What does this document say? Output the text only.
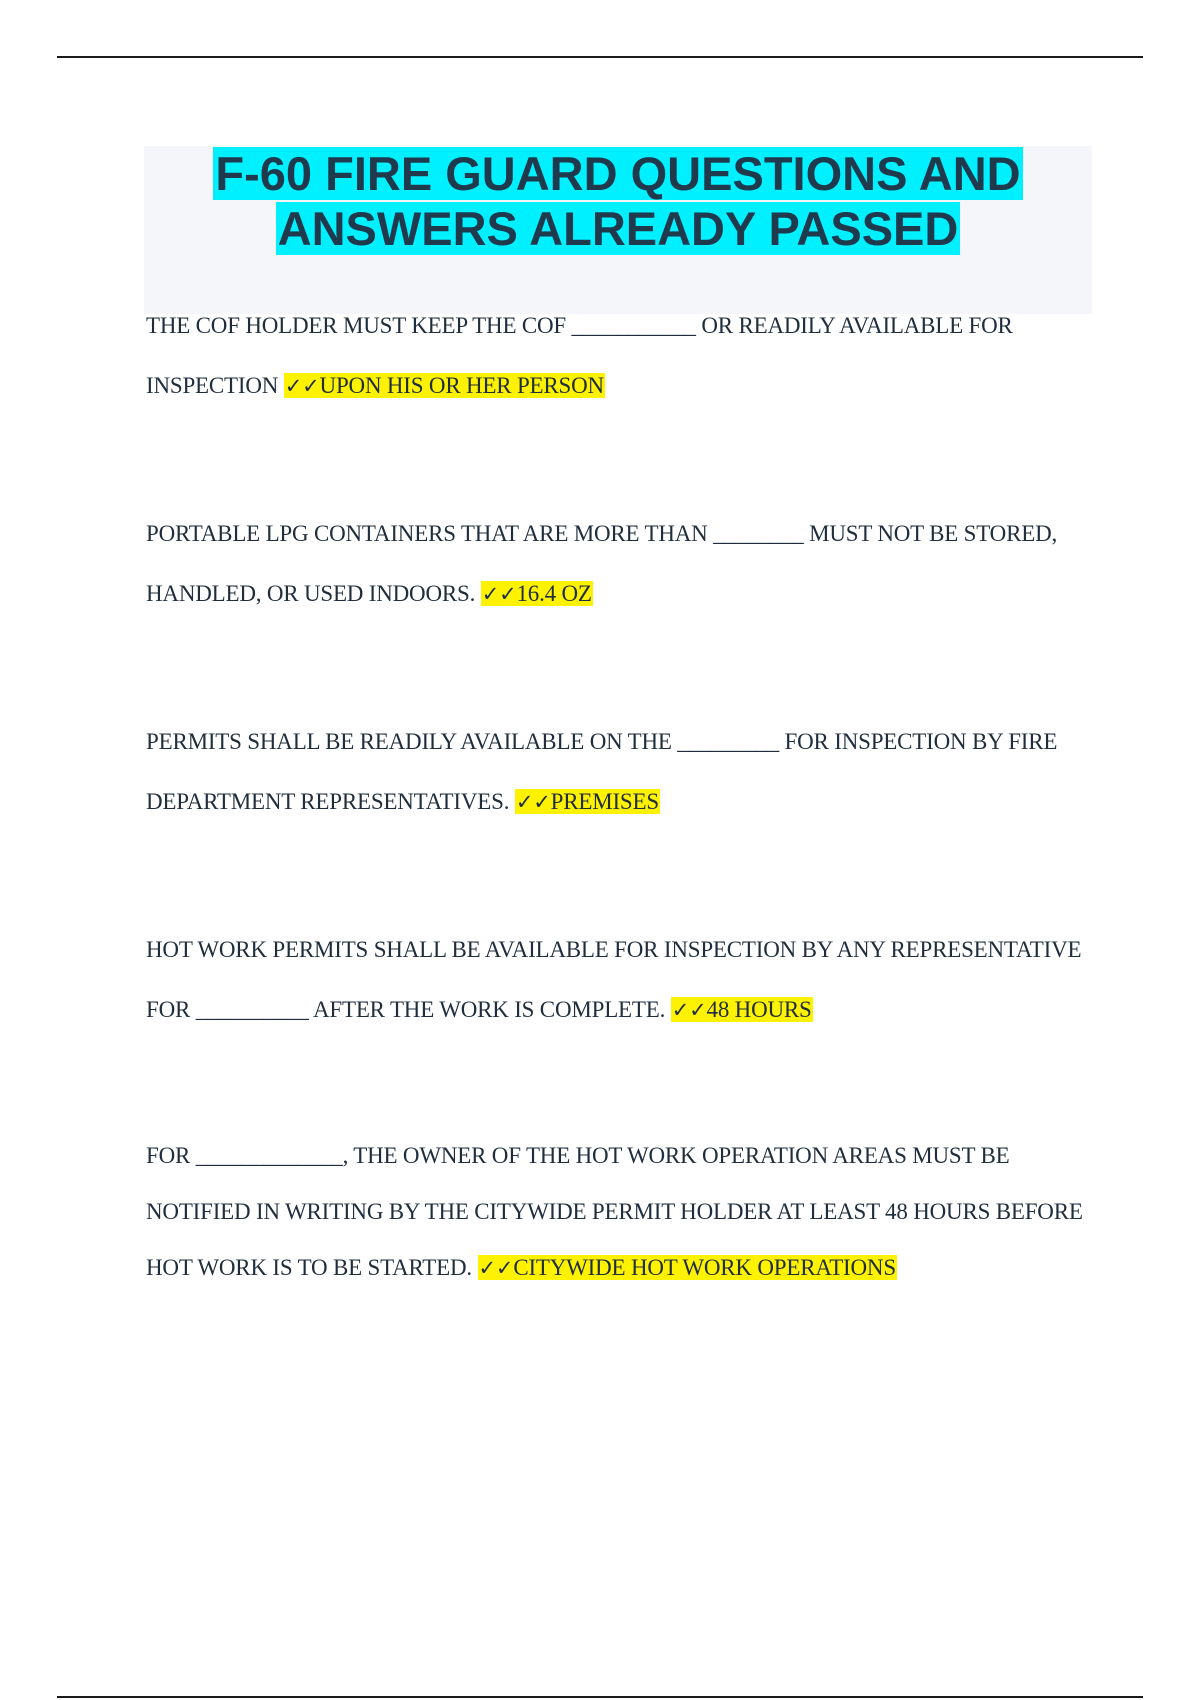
F-60 FIRE GUARD QUESTIONS AND ANSWERS ALREADY PASSED
THE COF HOLDER MUST KEEP THE COF ___________ OR READILY AVAILABLE FOR INSPECTION ✓✓UPON HIS OR HER PERSON
PORTABLE LPG CONTAINERS THAT ARE MORE THAN ________ MUST NOT BE STORED, HANDLED, OR USED INDOORS. ✓✓16.4 OZ
PERMITS SHALL BE READILY AVAILABLE ON THE _________ FOR INSPECTION BY FIRE DEPARTMENT REPRESENTATIVES. ✓✓PREMISES
HOT WORK PERMITS SHALL BE AVAILABLE FOR INSPECTION BY ANY REPRESENTATIVE FOR __________ AFTER THE WORK IS COMPLETE. ✓✓48 HOURS
FOR _____________, THE OWNER OF THE HOT WORK OPERATION AREAS MUST BE NOTIFIED IN WRITING BY THE CITYWIDE PERMIT HOLDER AT LEAST 48 HOURS BEFORE HOT WORK IS TO BE STARTED. ✓✓CITYWIDE HOT WORK OPERATIONS
